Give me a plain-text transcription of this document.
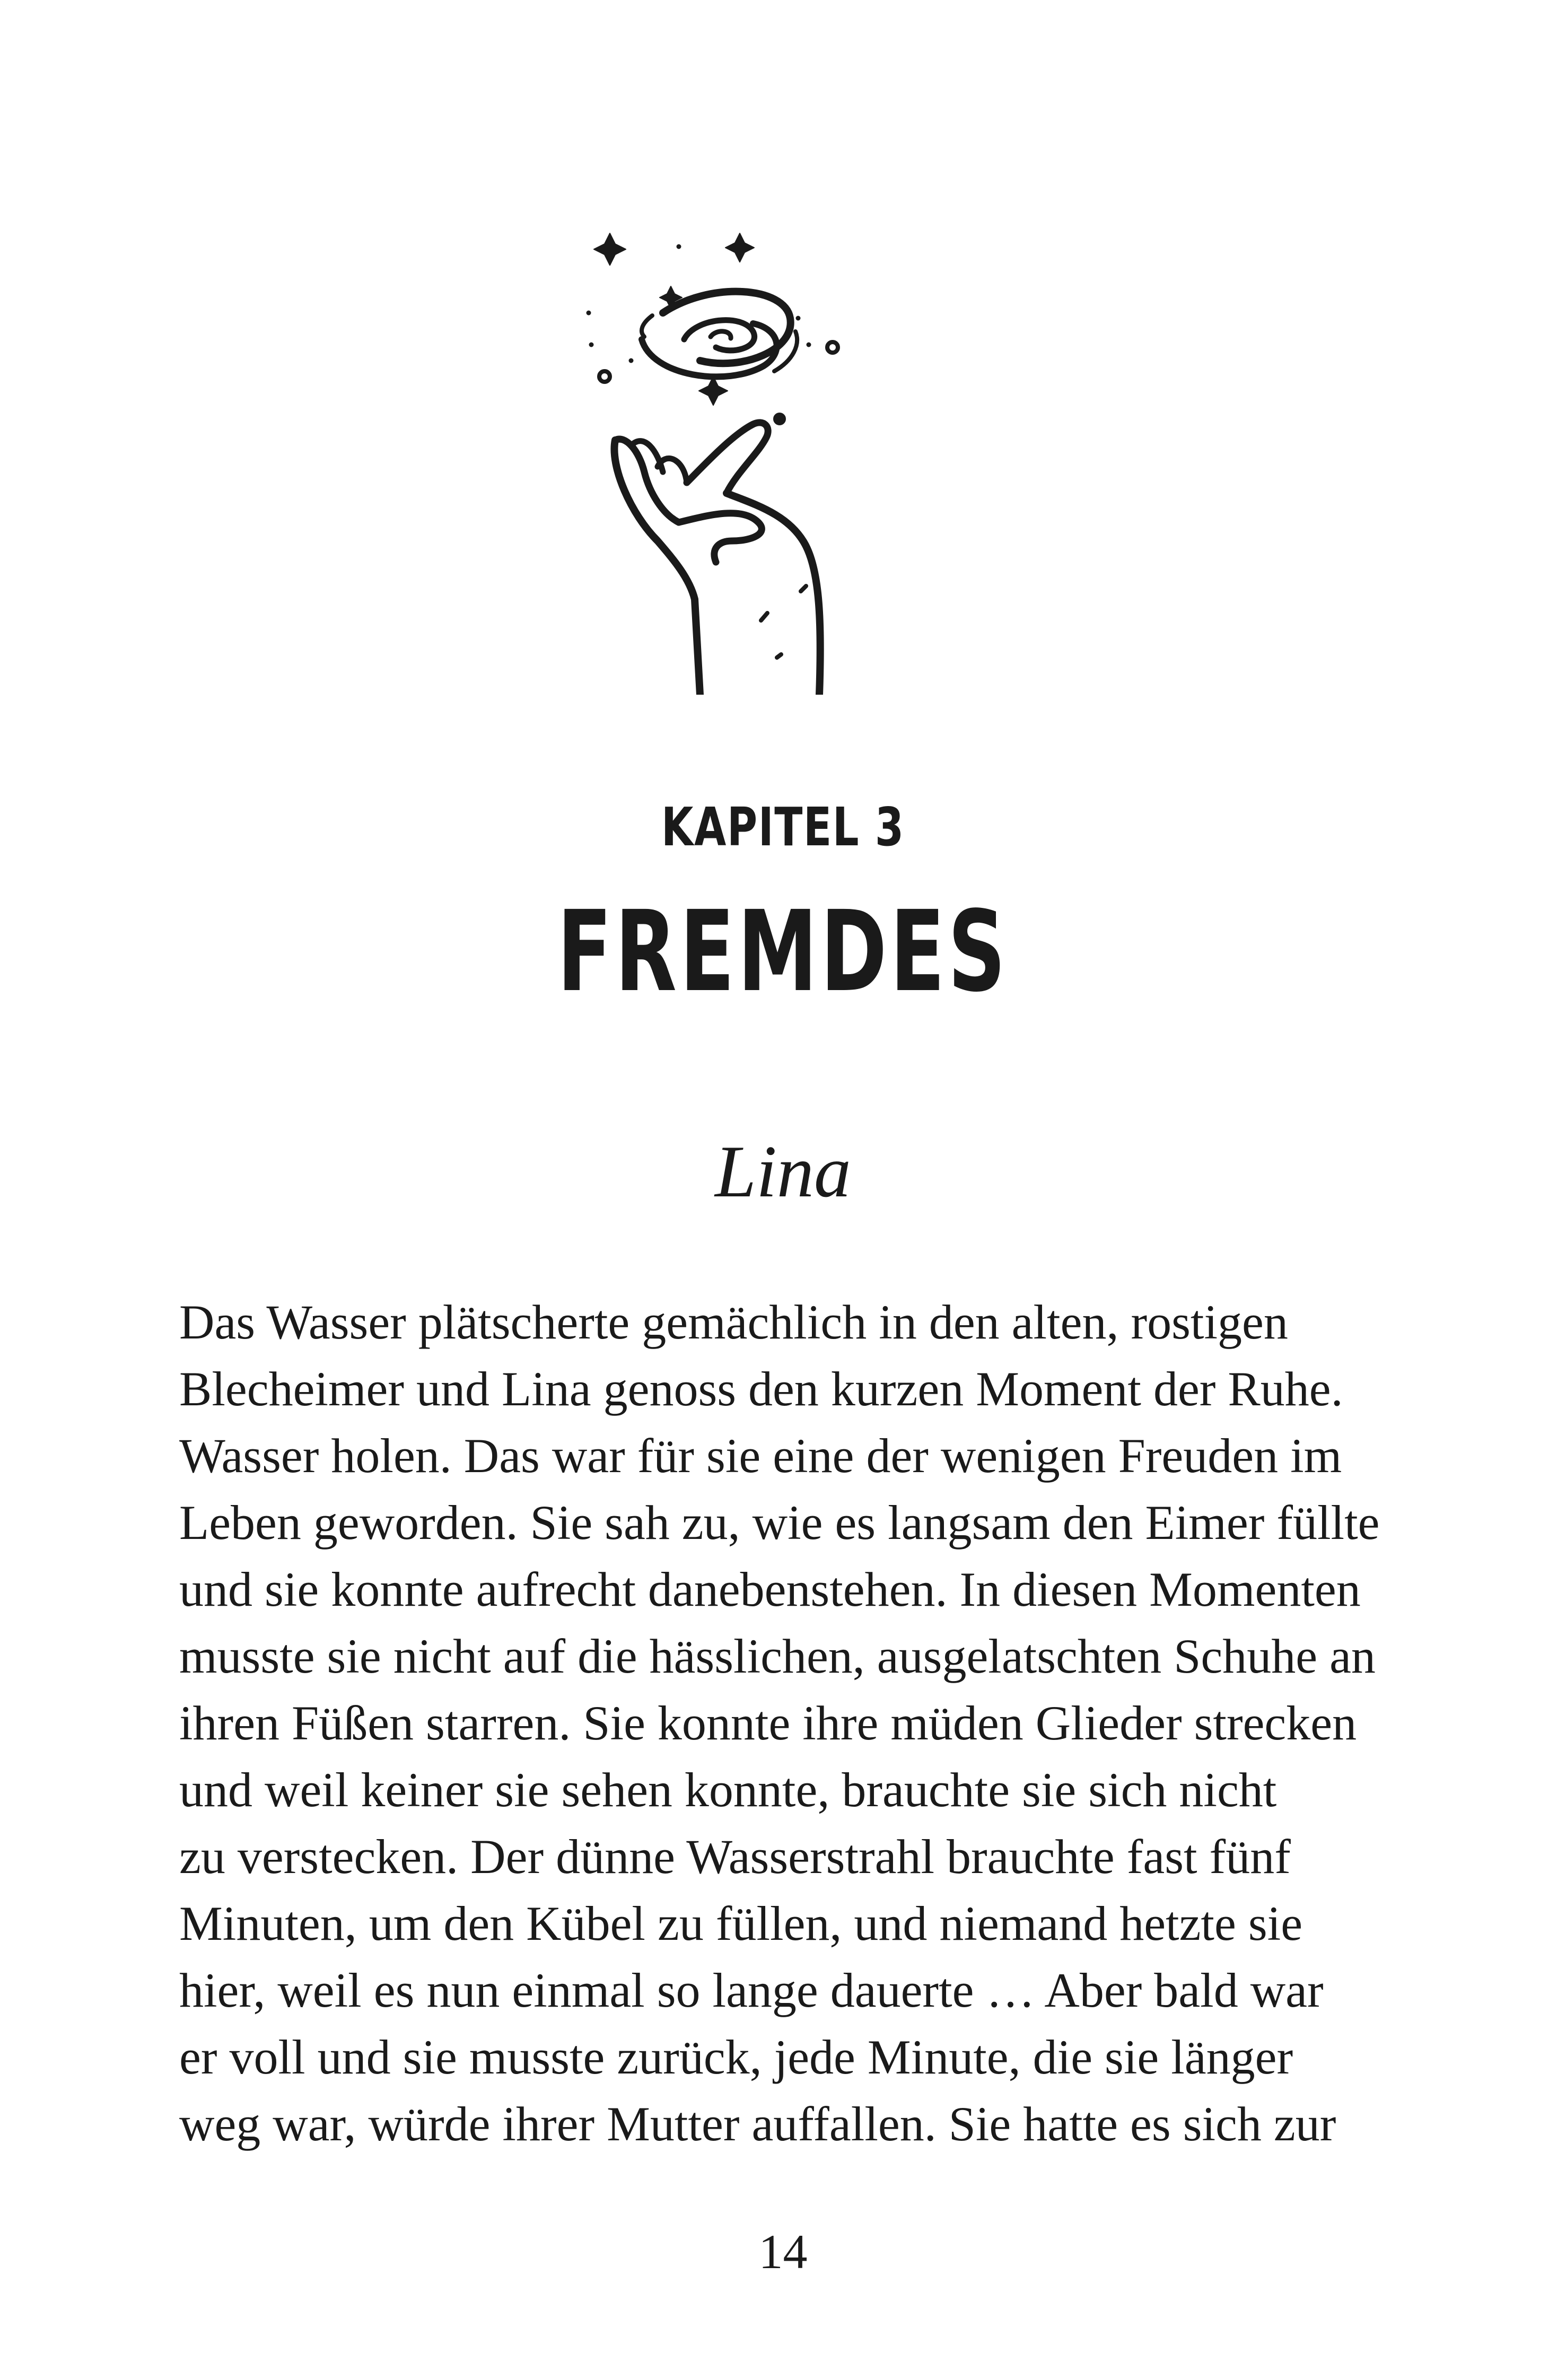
KAPITEL 3
FREMDES
Lina
Das Wasser plätscherte gemächlich in den alten, rostigen
Blecheimer und Lina genoss den kurzen Moment der Ruhe.
Wasser holen. Das war für sie eine der wenigen Freuden im
Leben geworden. Sie sah zu, wie es langsam den Eimer füllte
und sie konnte aufrecht danebenstehen. In diesen Momenten
musste sie nicht auf die hässlichen, ausgelatschten Schuhe an
ihren Füßen starren. Sie konnte ihre müden Glieder strecken
und weil keiner sie sehen konnte, brauchte sie sich nicht
zu verstecken. Der dünne Wasserstrahl brauchte fast fünf
Minuten, um den Kübel zu füllen, und niemand hetzte sie
hier, weil es nun einmal so lange dauerte … Aber bald war
er voll und sie musste zurück, jede Minute, die sie länger
weg war, würde ihrer Mutter auffallen. Sie hatte es sich zur
14
